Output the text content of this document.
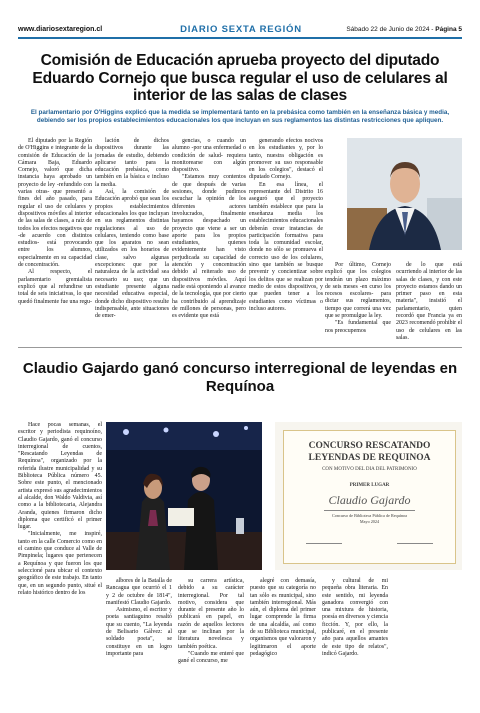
www.diariosextaregion.cl	DIARIO SEXTA REGIÓN	Sábado 22 de Junio de 2024 - Página 5
Comisión de Educación aprueba proyecto del diputado Eduardo Cornejo que busca regular el uso de celulares al interior de las salas de clases
El parlamentario por O'Higgins explicó que la medida se implementará tanto en la prebásica como también en la enseñanza básica y media, debiendo ser los propios establecimientos educacionales los que incluyan en sus reglamentos las distintas restricciones que apliquen.

El diputado por la Región de O'Higgins e integrante de la comisión de Educación de la Cámara Baja, Eduardo Cornejo, valoró que dicha instancia haya aprobado un proyecto de ley -refundido con varias otras- que presentó a fines del año pasado, para regular el uso de celulares y dispositivos móviles al interior de las salas de clases, a raíz de todos los efectos negativos que -de acuerdo con distintos estudios- está provocando entre los alumnos, especialmente en su capacidad de concentración.

Al respecto, el parlamentario gremialista explicó que al refundirse un total de seis iniciativas, lo que quedó finalmente fue una regu-

lación de dichos dispositivos durante las jornadas de estudio, debiendo aplicarse tanto para la educación prebásica, como también en la básica e incluso la media.

Así, la comisión de Educación aprobó que sean los propios establecimientos educacionales los que incluyan en sus reglamentos distintas regulaciones al uso de celulares, teniendo como base que los aparatos no sean utilizados en los horarios de clase, salvo algunas excepciones: que por la naturaleza de la actividad sea necesario su uso; que un estudiante presente alguna necesidad educativa especial, donde dicho dispositivo resulte indispensable, ante situaciones de emer-

gencias, o cuando un alumno -por una enfermedad o condición de salud- requiera monitorearse con algún dispositivo.

"Estamos muy contentos de que después de varias sesiones, donde pudimos escuchar la opinión de los diferentes actores involucrados, finalmente hayamos despachado un proyecto que viene a ser un aporte para los propios estudiantes, quienes evidentemente han visto perjudicada su capacidad de atención y concentración debido al reiterado uso de dispositivos móviles. Aquí nadie está oponiendo al avance de la tecnología, que por cierto ha contribuido al aprendizaje de millones de personas, pero es evidente que está

generando efectos nocivos en los estudiantes y, por lo tanto, nuestra obligación es promover su uso responsable en los colegios", destacó el diputado Cornejo.

En esa línea, el representante del Distrito 16 aseguró que el proyecto también establece que para la enseñanza media los establecimientos educacionales deberán crear instancias de participación formativa para toda la comunidad escolar, donde no sólo se promueva el correcto uso de los celulares, sino que también se busque prevenir y concientizar sobre los delitos que se realizan por medio de estos dispositivos, y que pueden tener a los estudiantes como víctimas o incluso autores.

Por último, Cornejo explicó que los colegios tendrán un plazo máximo de seis meses -en curso los recesos escolares- para dictar sus reglamentos, tiempo que correrá una vez que se promulgue la ley.

"Es fundamental que nos preocupemos

de lo que está ocurriendo al interior de las salas de clases, y con este proyecto estamos dando un primer paso en esta materia", insistió el parlamentario, quien recordó que Francia ya en 2023 recomendó prohibir el uso de celulares en las salas.

Claudio Gajardo ganó concurso interregional de leyendas en Requínoa

Hace pocas semanas, el escritor y periodista requinoíno, Claudio Gajardo, ganó el concurso interregional de cuentos, "Rescatando Leyendas de Requínoa", organizado por la referida ilustre municipalidad y su Biblioteca Pública número 45. Sobre este punto, el mencionado artista expresó sus agradecimientos al alcalde, don Waldo Valdivia, así como a la bibliotecaria, Alejandra Aranda, quienes firmaron dicho diploma que certificó el primer lugar.

"Inicialmente, me inspiré, tanto en la calle Comercio como en el camino que conduce al Valle de Pimpinela; lugares que pertenecen a Requínoa y que fueron los que seleccioné para ubicar el contexto geográfico de este trabajo. En tanto que, en un segundo punto, situé el relato histórico dentro de los

CONCURSO RESCATANDO
LEYENDAS DE REQUINOA
CON MOTIVO DEL DIA DEL PATRIMONIO
PRIMER LUGAR
Claudio Gajardo
Concurso de Biblioteca Pública de Requínoa
Mayo 2024

albores de la Batalla de Rancagua que ocurrió el 1 y 2 de octubre de 1814", manifestó Claudio Gajardo.

Asimismo, el escritor y poeta santiaguino resaltó que su cuento, "La leyenda de Belisario Gálvez: al soldado poeta", se constituye en un logro importante para

su carrera artística, debido a su carácter interregional. Por tal motivo, considera que durante el presente año lo publicará en papel, en razón de aquellos lectores que se inclinan por la literatura novelesca y también poética.

"Cuando me enteré que gané el concurso, me

alegré con demasía, puesto que su categoría no tan sólo es municipal, sino también interregional. Más aún, el diploma del primer lugar comprende la firma de una alcaldía, así como de su Biblioteca municipal, organismos que valoraron y legitimaron el aporte pedagógico

y cultural de mi pequeña obra literaria. En este sentido, mi leyenda ganadora convergió con una mixtura de historia, poesía en diversos y ciencia ficción. Y, por ello, la publicaré, en el presente año para aquellos amantes de este tipo de relatos", indicó Gajardo.
